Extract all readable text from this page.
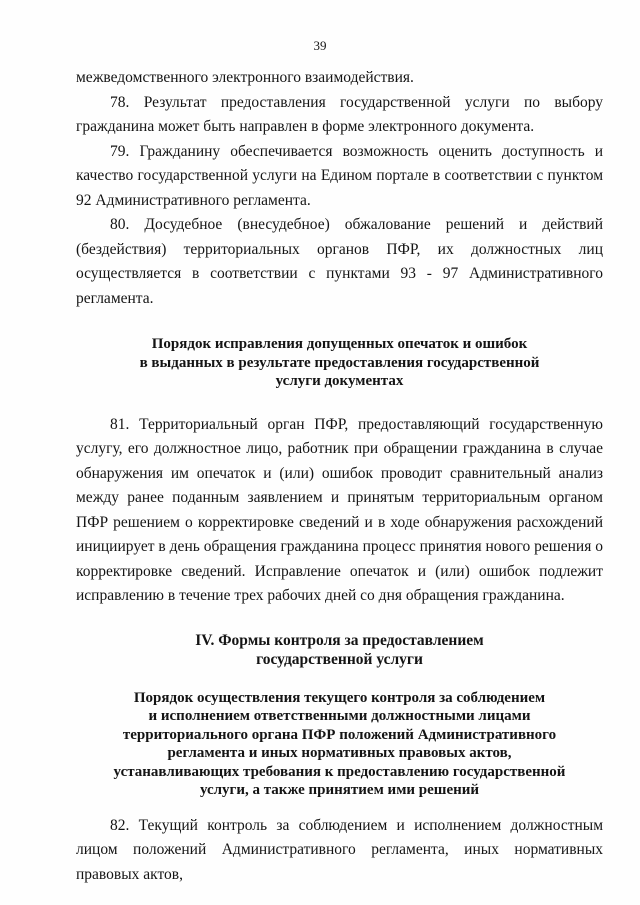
39

межведомственного электронного взаимодействия.

78. Результат предоставления государственной услуги по выбору гражданина может быть направлен в форме электронного документа.

79. Гражданину обеспечивается возможность оценить доступность и качество государственной услуги на Едином портале в соответствии с пунктом 92 Административного регламента.

80. Досудебное (внесудебное) обжалование решений и действий (бездействия) территориальных органов ПФР, их должностных лиц осуществляется в соответствии с пунктами 93 - 97 Административного регламента.

Порядок исправления допущенных опечаток и ошибок
в выданных в результате предоставления государственной
услуги документах

81. Территориальный орган ПФР, предоставляющий государственную услугу, его должностное лицо, работник при обращении гражданина в случае обнаружения им опечаток и (или) ошибок проводит сравнительный анализ между ранее поданным заявлением и принятым территориальным органом ПФР решением о корректировке сведений и в ходе обнаружения расхождений инициирует в день обращения гражданина процесс принятия нового решения о корректировке сведений. Исправление опечаток и (или) ошибок подлежит исправлению в течение трех рабочих дней со дня обращения гражданина.

IV. Формы контроля за предоставлением
государственной услуги
Порядок осуществления текущего контроля за соблюдением
и исполнением ответственными должностными лицами
территориального органа ПФР положений Административного
регламента и иных нормативных правовых актов,
устанавливающих требования к предоставлению государственной
услуги, а также принятием ими решений

82. Текущий контроль за соблюдением и исполнением должностным лицом положений Административного регламента, иных нормативных правовых актов,
